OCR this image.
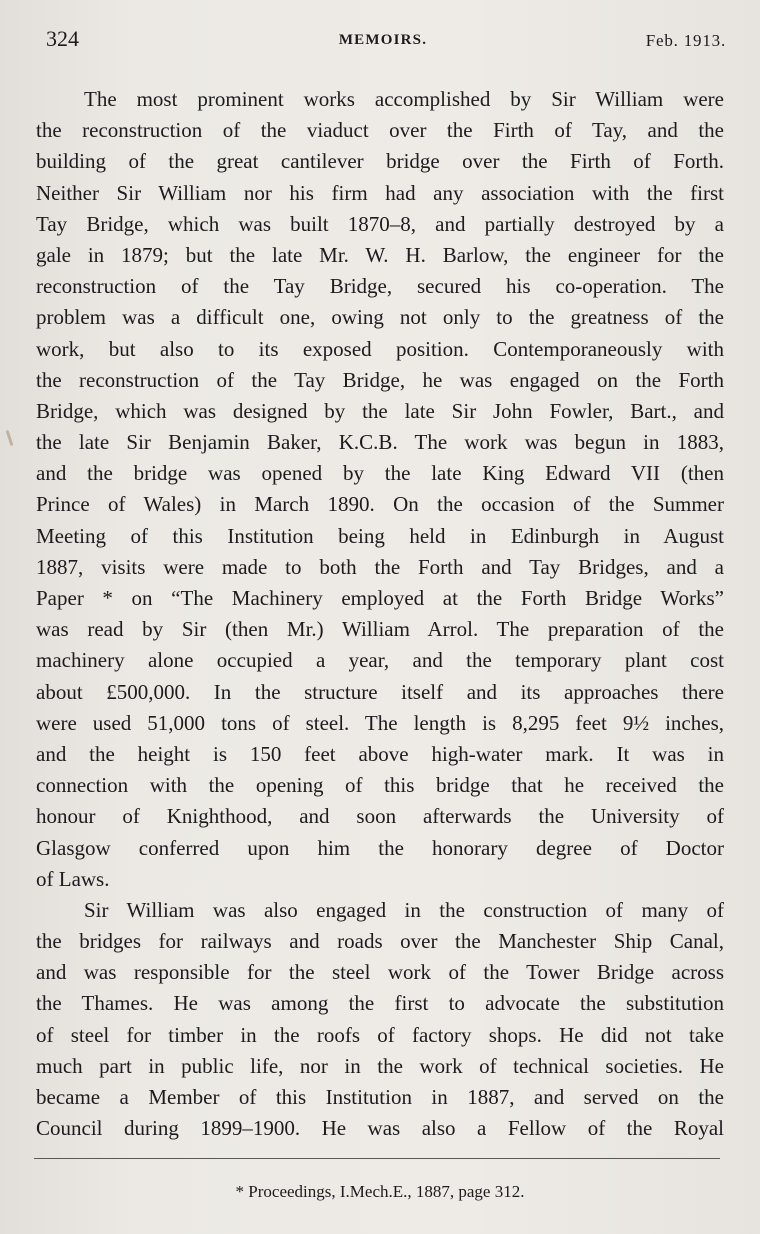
324	MEMOIRS.	Feb. 1913.
The most prominent works accomplished by Sir William were
the reconstruction of the viaduct over the Firth of Tay, and the
building of the great cantilever bridge over the Firth of Forth.
Neither Sir William nor his firm had any association with the first
Tay Bridge, which was built 1870–8, and partially destroyed by a
gale in 1879; but the late Mr. W. H. Barlow, the engineer for the
reconstruction of the Tay Bridge, secured his co-operation. The
problem was a difficult one, owing not only to the greatness of the
work, but also to its exposed position. Contemporaneously with
the reconstruction of the Tay Bridge, he was engaged on the Forth
Bridge, which was designed by the late Sir John Fowler, Bart., and
the late Sir Benjamin Baker, K.C.B. The work was begun in 1883,
and the bridge was opened by the late King Edward VII (then
Prince of Wales) in March 1890. On the occasion of the Summer
Meeting of this Institution being held in Edinburgh in August
1887, visits were made to both the Forth and Tay Bridges, and a
Paper * on “The Machinery employed at the Forth Bridge Works”
was read by Sir (then Mr.) William Arrol. The preparation of the
machinery alone occupied a year, and the temporary plant cost
about £500,000. In the structure itself and its approaches there
were used 51,000 tons of steel. The length is 8,295 feet 9½ inches,
and the height is 150 feet above high-water mark. It was in
connection with the opening of this bridge that he received the
honour of Knighthood, and soon afterwards the University of
Glasgow conferred upon him the honorary degree of Doctor
of Laws.
Sir William was also engaged in the construction of many of
the bridges for railways and roads over the Manchester Ship Canal,
and was responsible for the steel work of the Tower Bridge across
the Thames. He was among the first to advocate the substitution
of steel for timber in the roofs of factory shops. He did not take
much part in public life, nor in the work of technical societies. He
became a Member of this Institution in 1887, and served on the
Council during 1899–1900. He was also a Fellow of the Royal
* Proceedings, I.Mech.E., 1887, page 312.
